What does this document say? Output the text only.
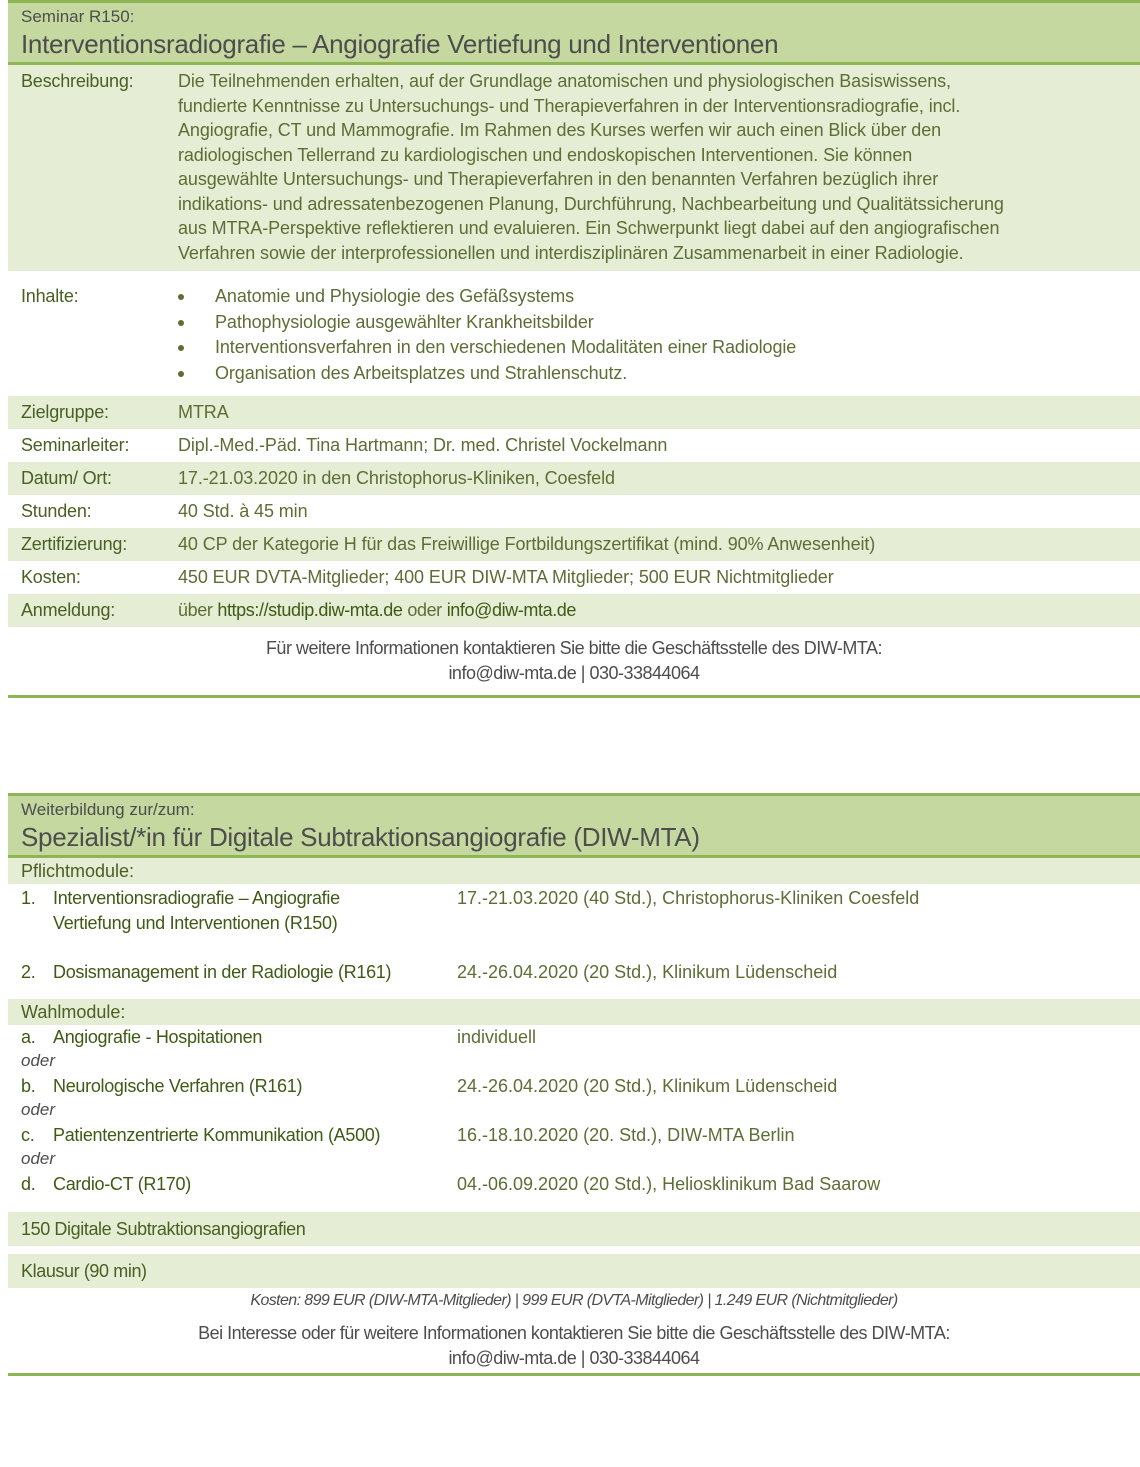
Seminar R150:
Interventionsradiografie – Angiografie Vertiefung und Interventionen
Beschreibung:	Die Teilnehmenden erhalten, auf der Grundlage anatomischen und physiologischen Basiswissens,
fundierte Kenntnisse zu Untersuchungs- und Therapieverfahren in der Interventionsradiografie, incl.
Angiografie, CT und Mammografie. Im Rahmen des Kurses werfen wir auch einen Blick über den
radiologischen Tellerrand zu kardiologischen und endoskopischen Interventionen. Sie können
ausgewählte Untersuchungs- und Therapieverfahren in den benannten Verfahren bezüglich ihrer
indikations- und adressatenbezogenen Planung, Durchführung, Nachbearbeitung und Qualitätssicherung
aus MTRA-Perspektive reflektieren und evaluieren. Ein Schwerpunkt liegt dabei auf den angiografischen
Verfahren sowie der interprofessionellen und interdisziplinären Zusammenarbeit in einer Radiologie.
Inhalte:	Anatomie und Physiologie des Gefäßsystems
Pathophysiologie ausgewählter Krankheitsbilder
Interventionsverfahren in den verschiedenen Modalitäten einer Radiologie
Organisation des Arbeitsplatzes und Strahlenschutz.
Zielgruppe:	MTRA
Seminarleiter:	Dipl.-Med.-Päd. Tina Hartmann; Dr. med. Christel Vockelmann
Datum/ Ort:	17.-21.03.2020 in den Christophorus-Kliniken, Coesfeld
Stunden:	40 Std. à 45 min
Zertifizierung:	40 CP der Kategorie H für das Freiwillige Fortbildungszertifikat (mind. 90% Anwesenheit)
Kosten:	450 EUR DVTA-Mitglieder; 400 EUR DIW-MTA Mitglieder; 500 EUR Nichtmitglieder
Anmeldung:	über https://studip.diw-mta.de oder info@diw-mta.de
Für weitere Informationen kontaktieren Sie bitte die Geschäftsstelle des DIW-MTA:
info@diw-mta.de | 030-33844064
Weiterbildung zur/zum:
Spezialist/*in für Digitale Subtraktionsangiografie (DIW-MTA)
Pflichtmodule:
1. Interventionsradiografie – Angiografie
Vertiefung und Interventionen (R150)
17.-21.03.2020 (40 Std.), Christophorus-Kliniken Coesfeld
2. Dosismanagement in der Radiologie (R161)	24.-26.04.2020 (20 Std.), Klinikum Lüdenscheid
Wahlmodule:
a. Angiografie - Hospitationen	individuell
oder
b. Neurologische Verfahren (R161)	24.-26.04.2020 (20 Std.), Klinikum Lüdenscheid
oder
c.	Patientenzentrierte Kommunikation (A500)	16.-18.10.2020 (20. Std.), DIW-MTA Berlin
oder
d. Cardio-CT (R170)	04.-06.09.2020 (20 Std.), Heliosklinikum Bad Saarow
150 Digitale Subtraktionsangiografien
Klausur (90 min)
Kosten: 899 EUR (DIW-MTA-Mitglieder) | 999 EUR (DVTA-Mitglieder) | 1.249 EUR (Nichtmitglieder)
Bei Interesse oder für weitere Informationen kontaktieren Sie bitte die Geschäftsstelle des DIW-MTA:
info@diw-mta.de | 030-33844064
